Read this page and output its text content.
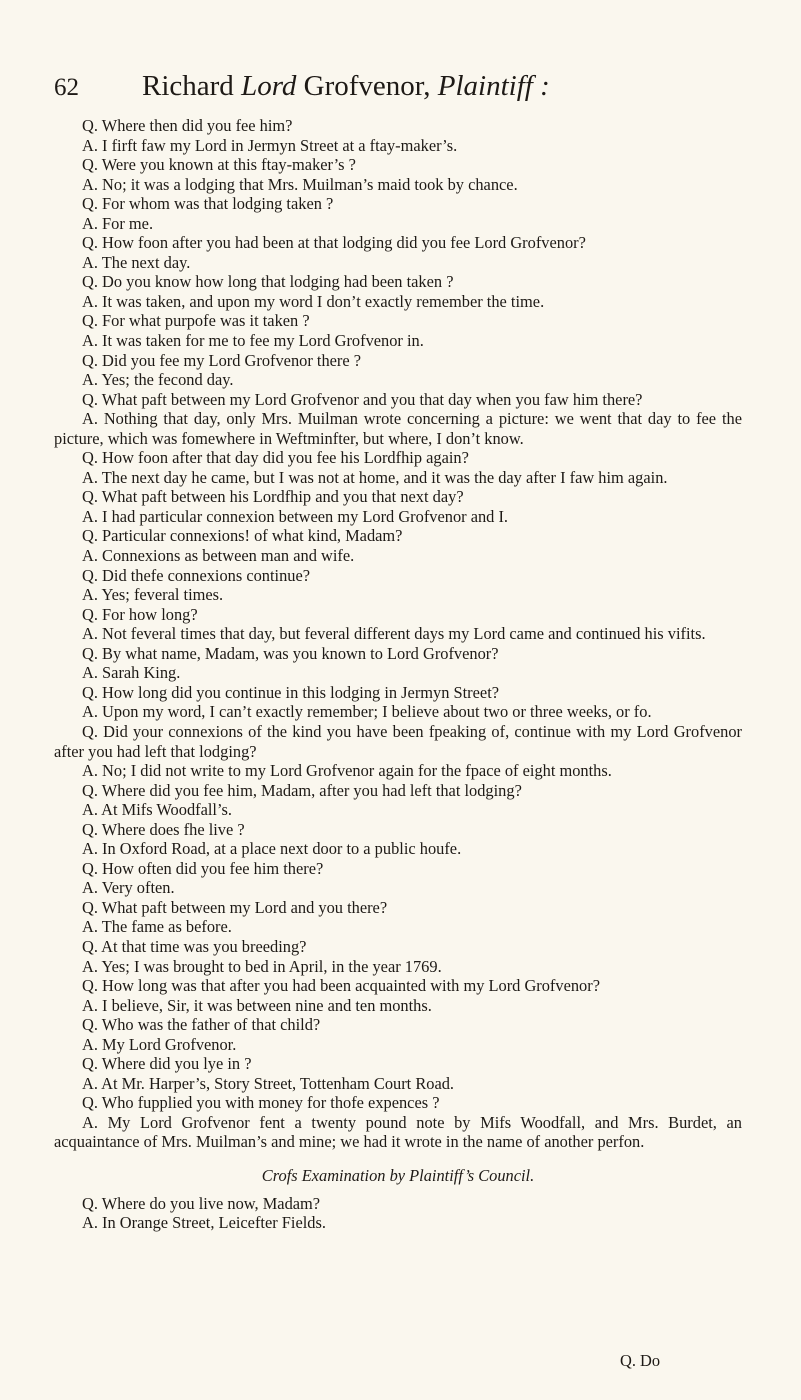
62 Richard Lord Grofvenor, Plaintiff :

Q. Where then did you fee him?

A. I firft faw my Lord in Jermyn Street at a ftay-maker’s.

Q. Were you known at this ftay-maker’s ?

A. No; it was a lodging that Mrs. Muilman’s maid took by chance.

Q. For whom was that lodging taken ?

A. For me.

Q. How foon after you had been at that lodging did you fee Lord Grofvenor?

A. The next day.

Q. Do you know how long that lodging had been taken ?

A. It was taken, and upon my word I don’t exactly remember the time.

Q. For what purpofe was it taken ?

A. It was taken for me to fee my Lord Grofvenor in.

Q. Did you fee my Lord Grofvenor there ?

A. Yes; the fecond day.

Q. What paft between my Lord Grofvenor and you that day when you faw him there?

A. Nothing that day, only Mrs. Muilman wrote concerning a picture: we went that day to fee the picture, which was fomewhere in Weftminfter, but where, I don’t know.

Q. How foon after that day did you fee his Lordfhip again?

A. The next day he came, but I was not at home, and it was the day after I faw him again.

Q. What paft between his Lordfhip and you that next day?

A. I had particular connexion between my Lord Grofvenor and I.

Q. Particular connexions! of what kind, Madam?

A. Connexions as between man and wife.

Q. Did thefe connexions continue?

A. Yes; feveral times.

Q. For how long?

A. Not feveral times that day, but feveral different days my Lord came and continued his vifits.

Q. By what name, Madam, was you known to Lord Grofvenor?

A. Sarah King.

Q. How long did you continue in this lodging in Jermyn Street?

A. Upon my word, I can’t exactly remember; I believe about two or three weeks, or fo.

Q. Did your connexions of the kind you have been fpeaking of, continue with my Lord Grofvenor after you had left that lodging?

A. No; I did not write to my Lord Grofvenor again for the fpace of eight months.

Q. Where did you fee him, Madam, after you had left that lodging?

A. At Mifs Woodfall’s.

Q. Where does fhe live ?

A. In Oxford Road, at a place next door to a public houfe.

Q. How often did you fee him there?

A. Very often.

Q. What paft between my Lord and you there?

A. The fame as before.

Q. At that time was you breeding?

A. Yes; I was brought to bed in April, in the year 1769.

Q. How long was that after you had been acquainted with my Lord Grofvenor?

A. I believe, Sir, it was between nine and ten months.

Q. Who was the father of that child?

A. My Lord Grofvenor.

Q. Where did you lye in ?

A. At Mr. Harper’s, Story Street, Tottenham Court Road.

Q. Who fupplied you with money for thofe expences ?

A. My Lord Grofvenor fent a twenty pound note by Mifs Woodfall, and Mrs. Burdet, an acquaintance of Mrs. Muilman’s and mine; we had it wrote in the name of another perfon.

Crofs Examination by Plaintiff’s Council.

Q. Where do you live now, Madam?

A. In Orange Street, Leicefter Fields.

Q. Do
